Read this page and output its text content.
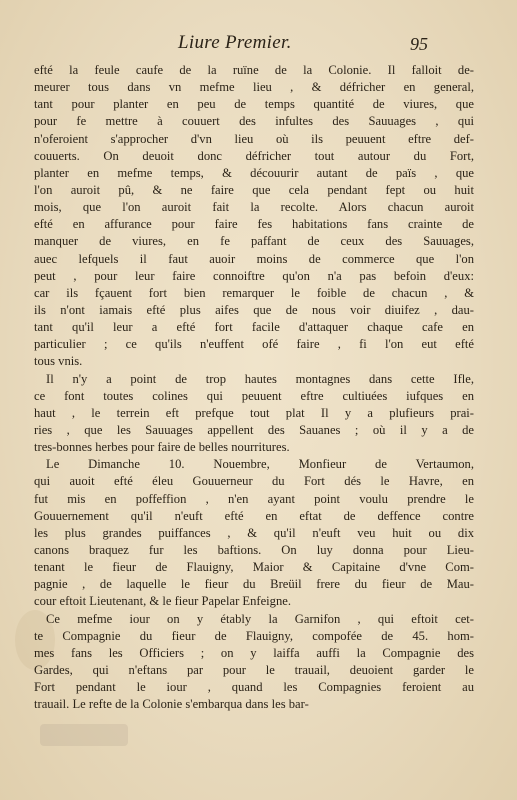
Liure Premier.	95
efté la feule caufe de la ruïne de la Colonie. Il falloit de-
meurer tous dans vn mefme lieu , & défricher en general,
tant pour planter en peu de temps quantité de viures, que
pour fe mettre à couuert des infultes des Sauuages , qui
n'oferoient s'approcher d'vn lieu où ils peuuent eftre def-
couuerts. On deuoit donc défricher tout autour du Fort,
planter en mefme temps, & découurir autant de païs , que
l'on auroit pû, & ne faire que cela pendant fept ou huit
mois, que l'on auroit fait la recolte. Alors chacun auroit
efté en affurance pour faire fes habitations fans crainte de
manquer de viures, en fe paffant de ceux des Sauuages,
auec lefquels il faut auoir moins de commerce que l'on
peut , pour leur faire connoiftre qu'on n'a pas befoin d'eux:
car ils fçauent fort bien remarquer le foible de chacun , &
ils n'ont iamais efté plus aifes que de nous voir diuifez , dau-
tant qu'il leur a efté fort facile d'attaquer chaque cafe en
particulier ; ce qu'ils n'euffent ofé faire , fi l'on eut efté
tous vnis.
Il n'y a point de trop hautes montagnes dans cette Ifle,
ce font toutes colines qui peuuent eftre cultiuées iufques en
haut , le terrein eft prefque tout plat Il y a plufieurs prai-
ries , que les Sauuages appellent des Sauanes ; où il y a de
tres-bonnes herbes pour faire de belles nourritures.
Le Dimanche 10. Nouembre, Monfieur de Vertaumon,
qui auoit efté éleu Gouuerneur du Fort dés le Havre, en
fut mis en poffeffion , n'en ayant point voulu prendre le
Gouuernement qu'il n'euft efté en eftat de deffence contre
les plus grandes puiffances , & qu'il n'euft veu huit ou dix
canons braquez fur les baftions. On luy donna pour Lieu-
tenant le fieur de Flauigny, Maior & Capitaine d'vne Com-
pagnie , de laquelle le fieur du Breüil frere du fieur de Mau-
cour eftoit Lieutenant, & le fieur Papelar Enfeigne.
Ce mefme iour on y étably la Garnifon , qui eftoit cet-
te Compagnie du fieur de Flauigny, compofée de 45. hom-
mes fans les Officiers ; on y laiffa auffi la Compagnie des
Gardes, qui n'eftans par pour le trauail, deuoient garder le
Fort pendant le iour , quand les Compagnies feroient au
trauail. Le refte de la Colonie s'embarqua dans les bar-
